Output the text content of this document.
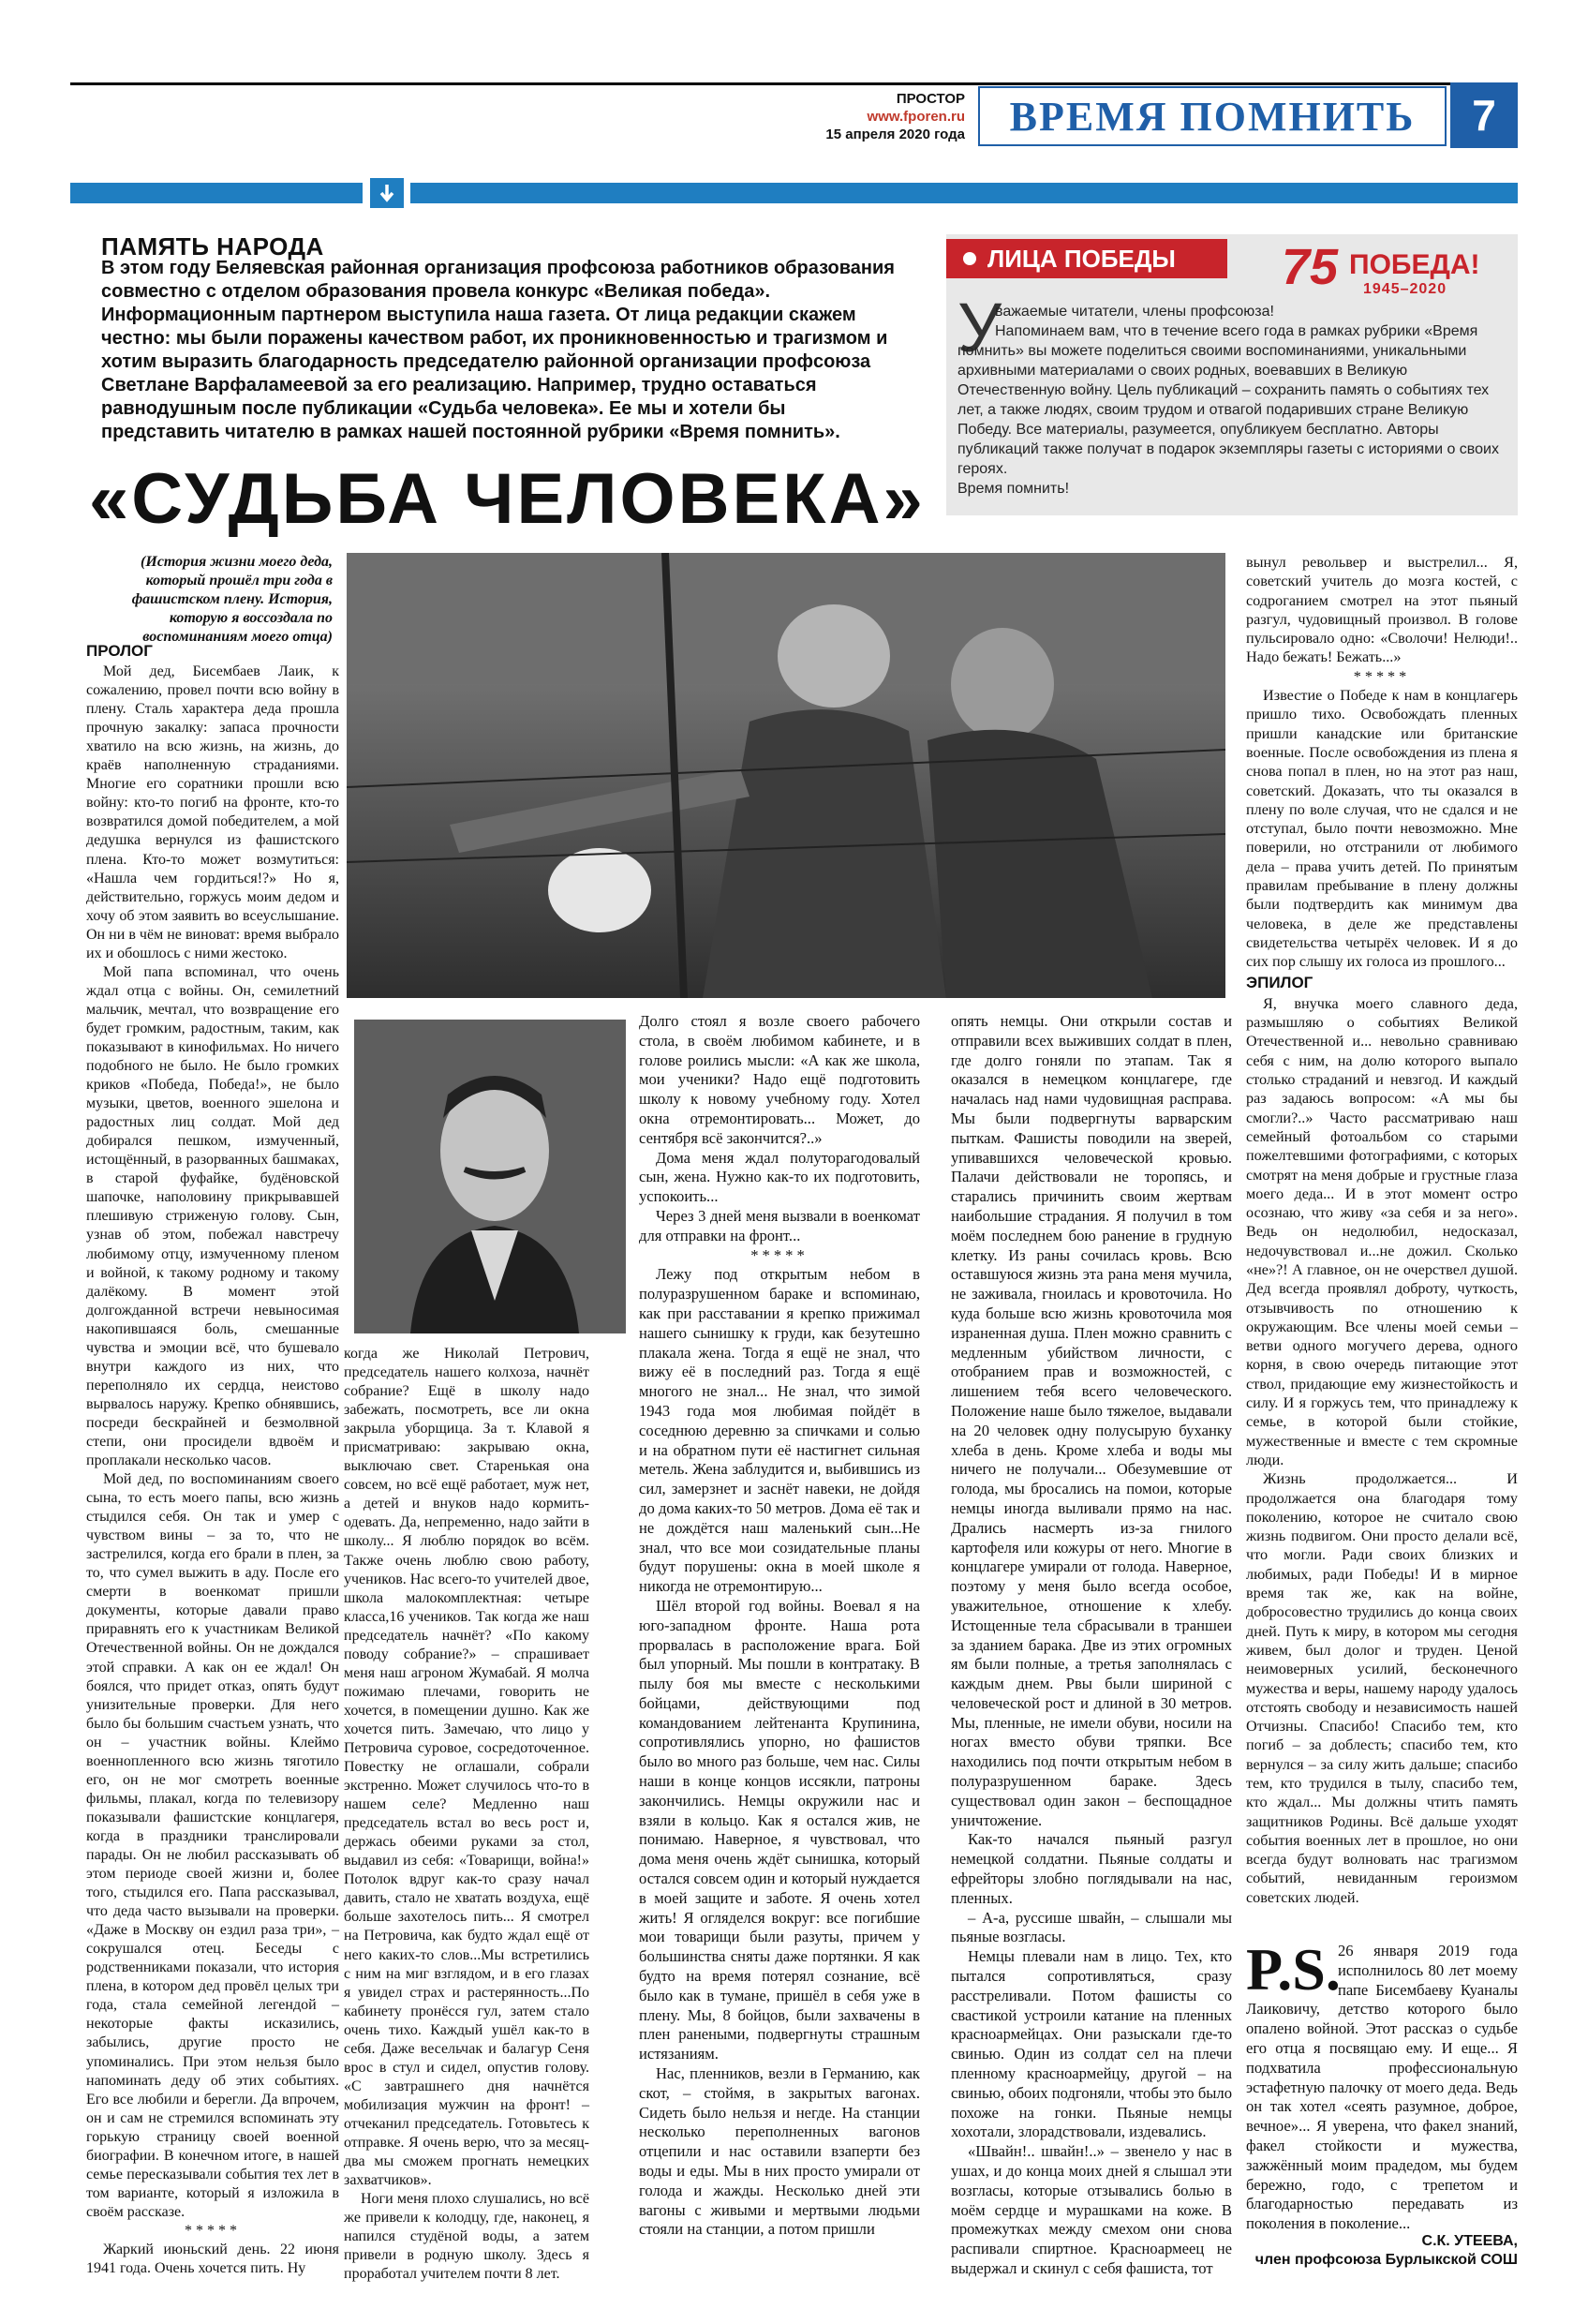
ПРОСТОР
www.fporen.ru
15 апреля 2020 года ВРЕМЯ ПОМНИТЬ	7
ПАМЯТЬ НАРОДА
В этом году Беляевская районная организация профсоюза работников образования совместно с отделом образования провела конкурс «Великая победа». Информационным партнером выступила наша газета. От лица редакции скажем честно: мы были поражены качеством работ, их проникновенностью и трагизмом и хотим выразить благодарность председателю районной организации профсоюза Светлане Варфаламеевой за его реализацию. Например, трудно оставаться равнодушным после публикации «Судьба человека». Ее мы и хотели бы представить читателю в рамках нашей постоянной рубрики «Время помнить».
ЛИЦА ПОБЕДЫ 75 ПОБЕДА!
1945–2020
У

важаемые читатели, члены профсоюза!

Напоминаем вам, что в течение всего года в рамках рубрики «Время помнить» вы можете поделиться своими воспоминаниями, уникальными архивными материалами о своих родных, воевавших в Великую Отечественную войну. Цель публикаций – сохранить память о событиях тех лет, а также людях, своим трудом и отвагой подаривших стране Великую Победу. Все материалы, разумеется, опубликуем бесплатно. Авторы публикаций также получат в подарок экземпляры газеты с историями о своих героях.

Время помнить!

«СУДЬБА ЧЕЛОВЕКА»
(История жизни моего деда, который прошёл три года в фашистском плену. История, которую я воссоздала по воспоминаниям моего отца)
ПРОЛОГ

Мой дед, Бисембаев Лаик, к сожалению, провел почти всю войну в плену. Сталь характера деда прошла прочную закалку: запаса прочности хватило на всю жизнь, на жизнь, до краёв наполненную страданиями. Многие его соратники прошли всю войну: кто-то погиб на фронте, кто-то возвратился домой победителем, а мой дедушка вернулся из фашистского плена. Кто-то может возмутиться: «Нашла чем гордиться!?» Но я, действительно, горжусь моим дедом и хочу об этом заявить во всеуслышание. Он ни в чём не виноват: время выбрало их и обошлось с ними жестоко.

Мой папа вспоминал, что очень ждал отца с войны. Он, семилетний мальчик, мечтал, что возвращение его будет громким, радостным, таким, как показывают в кинофильмах. Но ничего подобного не было. Не было громких криков «Победа, Победа!», не было музыки, цветов, военного эшелона и радостных лиц солдат. Мой дед добирался пешком, измученный, истощённый, в разорванных башмаках, в старой фуфайке, будёновской шапочке, наполовину прикрывавшей плешивую стриженую голову. Сын, узнав об этом, побежал навстречу любимому отцу, измученному пленом и войной, к такому родному и такому далёкому. В момент этой долгожданной встречи невыносимая накопившаяся боль, смешанные чувства и эмоции всё, что бушевало внутри каждого из них, что переполняло их сердца, неистово вырвалось наружу. Крепко обнявшись, посреди бескрайней и безмолвной степи, они просидели вдвоём и проплакали несколько часов.

Мой дед, по воспоминаниям своего сына, то есть моего папы, всю жизнь стыдился себя. Он так и умер с чувством вины – за то, что не застрелился, когда его брали в плен, за то, что сумел выжить в аду. После его смерти в военкомат пришли документы, которые давали право приравнять его к участникам Великой Отечественной войны. Он не дождался этой справки. А как он ее ждал! Он боялся, что придет отказ, опять будут унизительные проверки. Для него было бы большим счастьем узнать, что он – участник войны. Клеймо военнопленного всю жизнь тяготило его, он не мог смотреть военные фильмы, плакал, когда по телевизору показывали фашистские концлагеря, когда в праздники транслировали парады. Он не любил рассказывать об этом периоде своей жизни и, более того, стыдился его. Папа рассказывал, что деда часто вызывали на проверки. «Даже в Москву он ездил раза три», – сокрушался отец. Беседы с родственниками показали, что история плена, в котором дед провёл целых три года, стала семейной легендой – некоторые факты исказились, забылись, другие просто не упоминались. При этом нельзя было напоминать деду об этих событиях. Его все любили и берегли. Да впрочем, он и сам не стремился вспоминать эту горькую страницу своей военной биографии. В конечном итоге, в нашей семье пересказывали события тех лет в том варианте, который я изложила в своём рассказе.

*****

Жаркий июньский день. 22 июня 1941 года. Очень хочется пить. Ну

когда же Николай Петрович, председатель нашего колхоза, начнёт собрание? Ещё в школу надо забежать, посмотреть, все ли окна закрыла уборщица. За т. Клавой я присматриваю: закрываю окна, выключаю свет. Старенькая она совсем, но всё ещё работает, муж нет, а детей и внуков надо кормить-одевать. Да, непременно, надо зайти в школу... Я люблю порядок во всём. Также очень люблю свою работу, учеников. Нас всего-то учителей двое, школа малокомплектная: четыре класса,16 учеников. Так когда же наш председатель начнёт? «По какому поводу собрание?» – спрашивает меня наш агроном Жумабай. Я молча пожимаю плечами, говорить не хочется, в помещении душно. Как же хочется пить. Замечаю, что лицо у Петровича суровое, сосредоточенное. Повестку не оглашали, собрали экстренно. Может случилось что-то в нашем селе? Медленно наш председатель встал во весь рост и, держась обеими руками за стол, выдавил из себя: «Товарищи, война!» Потолок вдруг как-то сразу начал давить, стало не хватать воздуха, ещё больше захотелось пить... Я смотрел на Петровича, как будто ждал ещё от него каких-то слов...Мы встретились с ним на миг взглядом, и в его глазах я увидел страх и растерянность...По кабинету пронёсся гул, затем стало очень тихо. Каждый ушёл как-то в себя. Даже весельчак и балагур Сеня врос в стул и сидел, опустив голову. «С завтрашнего дня начнётся мобилизация мужчин на фронт! – отчеканил председатель. Готовьтесь к отправке. Я очень верю, что за месяц-два мы сможем прогнать немецких захватчиков».

Ноги меня плохо слушались, но всё же привели к колодцу, где, наконец, я напился студёной воды, а затем привели в родную школу. Здесь я проработал учителем почти 8 лет.

Долго стоял я возле своего рабочего стола, в своём любимом кабинете, и в голове роились мысли: «А как же школа, мои ученики? Надо ещё подготовить школу к новому учебному году. Хотел окна отремонтировать... Может, до сентября всё закончится?..»

Дома меня ждал полуторагодовалый сын, жена. Нужно как-то их подготовить, успокоить...

Через 3 дней меня вызвали в военкомат для отправки на фронт...

*****

Лежу под открытым небом в полуразрушенном бараке и вспоминаю, как при расставании я крепко прижимал нашего сынишку к груди, как безутешно плакала жена. Тогда я ещё не знал, что вижу её в последний раз. Тогда я ещё многого не знал... Не знал, что зимой 1943 года моя любимая пойдёт в соседнюю деревню за спичками и солью и на обратном пути её настигнет сильная метель. Жена заблудится и, выбившись из сил, замерзнет и заснёт навеки, не дойдя до дома каких-то 50 метров. Дома её так и не дождётся наш маленький сын...Не знал, что все мои созидательные планы будут порушены: окна в моей школе я никогда не отремонтирую...

Шёл второй год войны. Воевал я на юго-западном фронте. Наша рота прорвалась в расположение врага. Бой был упорный. Мы пошли в контратаку. В пылу боя мы вместе с несколькими бойцами, действующими под командованием лейтенанта Крупинина, сопротивлялись упорно, но фашистов было во много раз больше, чем нас. Силы наши в конце концов иссякли, патроны закончились. Немцы окружили нас и взяли в кольцо. Как я остался жив, не понимаю. Наверное, я чувствовал, что дома меня очень ждёт сынишка, который остался совсем один и который нуждается в моей защите и заботе. Я очень хотел жить! Я огляделся вокруг: все погибшие мои товарищи были разуты, причем у большинства сняты даже портянки. Я как будто на время потерял сознание, всё было как в тумане, пришёл в себя уже в плену. Мы, 8 бойцов, были захвачены в плен ранеными, подвергнуты страшным истязаниям.

Нас, пленников, везли в Германию, как скот, – стоймя, в закрытых вагонах. Сидеть было нельзя и негде. На станции несколько переполненных вагонов отцепили и нас оставили взаперти без воды и еды. Мы в них просто умирали от голода и жажды. Несколько дней эти вагоны с живыми и мертвыми людьми стояли на станции, а потом пришли

опять немцы. Они открыли состав и отправили всех выживших солдат в плен, где долго гоняли по этапам. Так я оказался в немецком концлагере, где началась над нами чудовищная расправа. Мы были подвергнуты варварским пыткам. Фашисты поводили на зверей, упивавшихся человеческой кровью. Палачи действовали не торопясь, и старались причинить своим жертвам наибольшие страдания. Я получил в том моём последнем бою ранение в грудную клетку. Из раны сочилась кровь. Всю оставшуюся жизнь эта рана меня мучила, не заживала, гноилась и кровоточила. Но куда больше всю жизнь кровоточила моя израненная душа. Плен можно сравнить с медленным убийством личности, с отобранием прав и возможностей, с лишением тебя всего человеческого. Положение наше было тяжелое, выдавали на 20 человек одну полусырую буханку хлеба в день. Кроме хлеба и воды мы ничего не получали... Обезумевшие от голода, мы бросались на помои, которые немцы иногда выливали прямо на нас. Дрались насмерть из-за гнилого картофеля или кожуры от него. Многие в концлагере умирали от голода. Наверное, поэтому у меня было всегда особое, уважительное, отношение к хлебу. Истощенные тела сбрасывали в траншеи за зданием барака. Две из этих огромных ям были полные, а третья заполнялась с каждым днем. Рвы были шириной с человеческой рост и длиной в 30 метров. Мы, пленные, не имели обуви, носили на ногах вместо обуви тряпки. Все находились под почти открытым небом в полуразрушенном бараке. Здесь существовал один закон – беспощадное уничтожение.

Как-то начался пьяный разгул немецкой солдатни. Пьяные солдаты и ефрейторы злобно поглядывали на нас, пленных.

– А-а, руссише швайн, – слышали мы пьяные возгласы.

Немцы плевали нам в лицо. Тех, кто пытался сопротивляться, сразу расстреливали. Потом фашисты со свастикой устроили катание на пленных красноармейцах. Они разыскали где-то свинью. Один из солдат сел на плечи пленному красноармейцу, другой – на свинью, обоих подгоняли, чтобы это было похоже на гонки. Пьяные немцы хохотали, злорадствовали, издевались.

«Швайн!.. швайн!..» – звенело у нас в ушах, и до конца моих дней я слышал эти возгласы, которые отзывались болью в моём сердце и мурашками на коже. В промежутках между смехом они снова распивали спиртное. Красноармеец не выдержал и скинул с себя фашиста, тот

вынул револьвер и выстрелил... Я, советский учитель до мозга костей, с содроганием смотрел на этот пьяный разгул, чудовищный произвол. В голове пульсировало одно: «Сволочи! Нелюди!.. Надо бежать! Бежать...»

*****

Известие о Победе к нам в концлагерь пришло тихо. Освобождать пленных пришли канадские или британские военные. После освобождения из плена я снова попал в плен, но на этот раз наш, советский. Доказать, что ты оказался в плену по воле случая, что не сдался и не отступал, было почти невозможно. Мне поверили, но отстранили от любимого дела – права учить детей. По принятым правилам пребывание в плену должны были подтвердить как минимум два человека, в деле же представлены свидетельства четырёх человек. И я до сих пор слышу их голоса из прошлого...

ЭПИЛОГ

Я, внучка моего славного деда, размышляю о событиях Великой Отечественной и... невольно сравниваю себя с ним, на долю которого выпало столько страданий и невзгод. И каждый раз задаюсь вопросом: «А мы бы смогли?..» Часто рассматриваю наш семейный фотоальбом со старыми пожелтевшими фотографиями, с которых смотрят на меня добрые и грустные глаза моего деда... И в этот момент остро осознаю, что живу «за себя и за него». Ведь он недолюбил, недосказал, недочувствовал и...не дожил. Сколько «не»?! А главное, он не очерствел душой. Дед всегда проявлял доброту, чуткость, отзывчивость по отношению к окружающим. Все члены моей семьи – ветви одного могучего дерева, одного корня, в свою очередь питающие этот ствол, придающие ему жизнестойкость и силу. И я горжусь тем, что принадлежу к семье, в которой были стойкие, мужественные и вместе с тем скромные люди.

Жизнь продолжается... И продолжается она благодаря тому поколению, которое не считало свою жизнь подвигом. Они просто делали всё, что могли. Ради своих близких и любимых, ради Победы! И в мирное время так же, как на войне, добросовестно трудились до конца своих дней. Путь к миру, в котором мы сегодня живем, был долог и труден. Ценой неимоверных усилий, бесконечного мужества и веры, нашему народу удалось отстоять свободу и независимость нашей Отчизны. Спасибо! Спасибо тем, кто погиб – за доблесть; спасибо тем, кто вернулся – за силу жить дальше; спасибо тем, кто трудился в тылу, спасибо тем, кто ждал... Мы должны чтить память защитников Родины. Всё дальше уходят события военных лет в прошлое, но они всегда будут волновать нас трагизмом событий, невиданным героизмом советских людей.

26 января 2019 года исполнилось 80 лет моему папе Бисембаеву Куаналы Лаиковичу, детство которого было опалено войной. Этот рассказ о судьбе его отца я посвящаю ему. И еще... Я подхватила профессиональную эстафетную палочку от моего деда. Ведь он так хотел «сеять разумное, доброе, вечное»... Я уверена, что факел знаний, факел стойкости и мужества, зажжённый моим прадедом, мы будем бережно, годо, с трепетом и благодарностью передавать из поколения в поколение...
P.S.
С.К. УТЕЕВА,
член профсоюза Бурлыкской СОШ
